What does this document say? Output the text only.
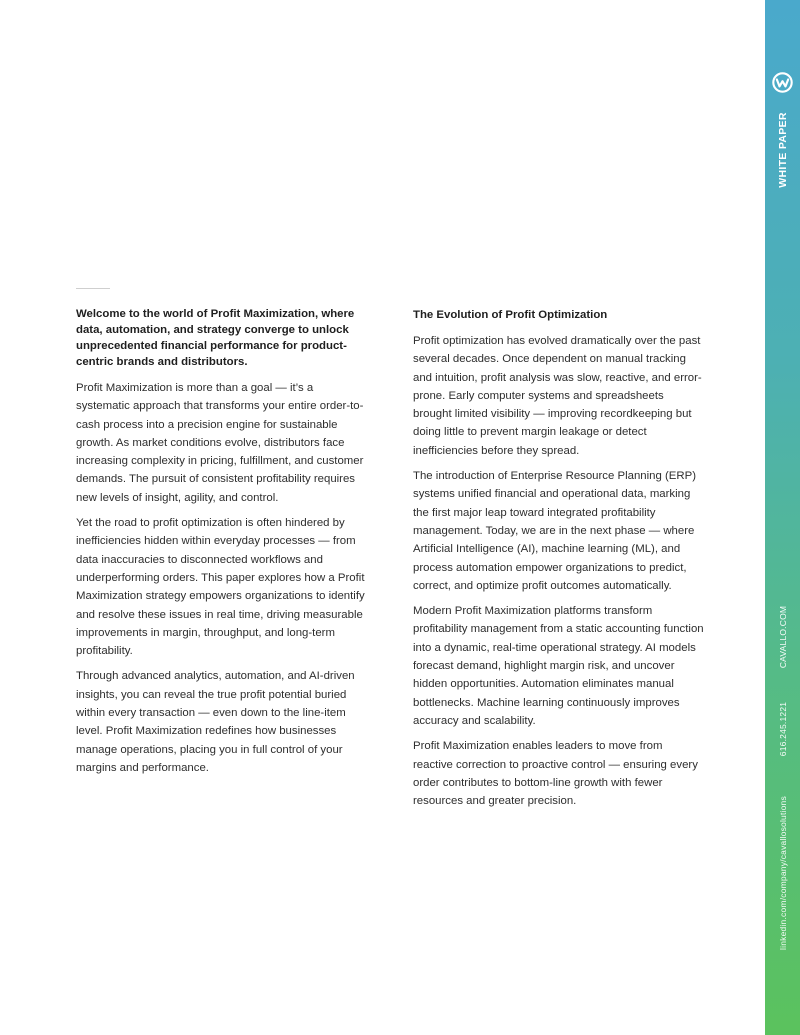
Welcome to the world of Profit Maximization, where data, automation, and strategy converge to unlock unprecedented financial performance for product-centric brands and distributors.

Profit Maximization is more than a goal — it’s a systematic approach that transforms your entire order-to-cash process into a precision engine for sustainable growth. As market conditions evolve, distributors face increasing complexity in pricing, fulfillment, and customer demands. The pursuit of consistent profitability requires new levels of insight, agility, and control.

Yet the road to profit optimization is often hindered by inefficiencies hidden within everyday processes — from data inaccuracies to disconnected workflows and underperforming orders. This paper explores how a Profit Maximization strategy empowers organizations to identify and resolve these issues in real time, driving measurable improvements in margin, throughput, and long-term profitability.

Through advanced analytics, automation, and AI-driven insights, you can reveal the true profit potential buried within every transaction — even down to the line-item level. Profit Maximization redefines how businesses manage operations, placing you in full control of your margins and performance.

The Evolution of Profit Optimization

Profit optimization has evolved dramatically over the past several decades. Once dependent on manual tracking and intuition, profit analysis was slow, reactive, and error-prone. Early computer systems and spreadsheets brought limited visibility — improving recordkeeping but doing little to prevent margin leakage or detect inefficiencies before they spread.

The introduction of Enterprise Resource Planning (ERP) systems unified financial and operational data, marking the first major leap toward integrated profitability management. Today, we are in the next phase — where Artificial Intelligence (AI), machine learning (ML), and process automation empower organizations to predict, correct, and optimize profit outcomes automatically.

Modern Profit Maximization platforms transform profitability management from a static accounting function into a dynamic, real-time operational strategy. AI models forecast demand, highlight margin risk, and uncover hidden opportunities. Automation eliminates manual bottlenecks. Machine learning continuously improves accuracy and scalability.

Profit Maximization enables leaders to move from reactive correction to proactive control — ensuring every order contributes to bottom-line growth with fewer resources and greater precision.

WHITE PAPER
CAVALLO.COM
616.245.1221
linkedin.com/company/cavallosolutions
